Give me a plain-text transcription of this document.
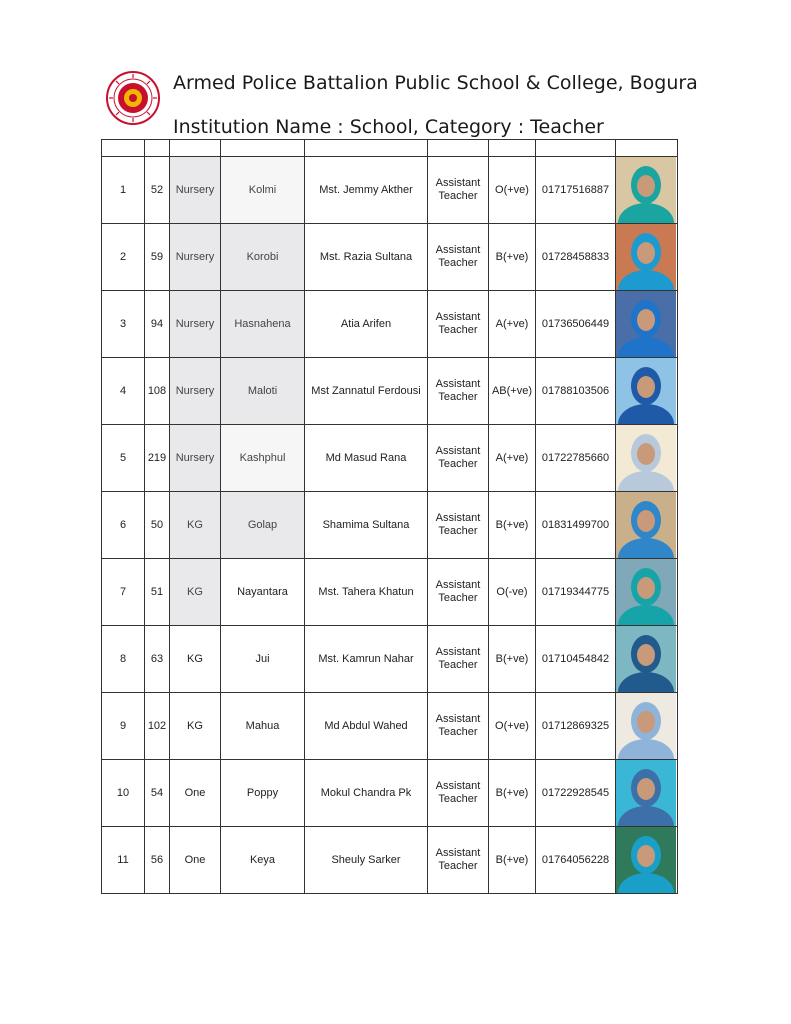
Armed Police Battalion Public School & College, Bogura
Institution Name : School, Category : Teacher

1	52	Nursery	Kolmi	Mst. Jemmy Akther	Assistant Teacher	O(+ve)	01717516887	

2	59	Nursery	Korobi	Mst. Razia Sultana	Assistant Teacher	B(+ve)	01728458833	

3	94	Nursery	Hasnahena	Atia Arifen	Assistant Teacher	A(+ve)	01736506449	

4	108	Nursery	Maloti	Mst Zannatul Ferdousi	Assistant Teacher	AB(+ve)	01788103506	

5	219	Nursery	Kashphul	Md Masud Rana	Assistant Teacher	A(+ve)	01722785660	

6	50	KG	Golap	Shamima Sultana	Assistant Teacher	B(+ve)	01831499700	

7	51	KG	Nayantara	Mst. Tahera Khatun	Assistant Teacher	O(-ve)	01719344775	

8	63	KG	Jui	Mst. Kamrun Nahar	Assistant Teacher	B(+ve)	01710454842	

9	102	KG	Mahua	Md Abdul Wahed	Assistant Teacher	O(+ve)	01712869325	

10	54	One	Poppy	Mokul Chandra Pk	Assistant Teacher	B(+ve)	01722928545	

11	56	One	Keya	Sheuly Sarker	Assistant Teacher	B(+ve)	01764056228	
